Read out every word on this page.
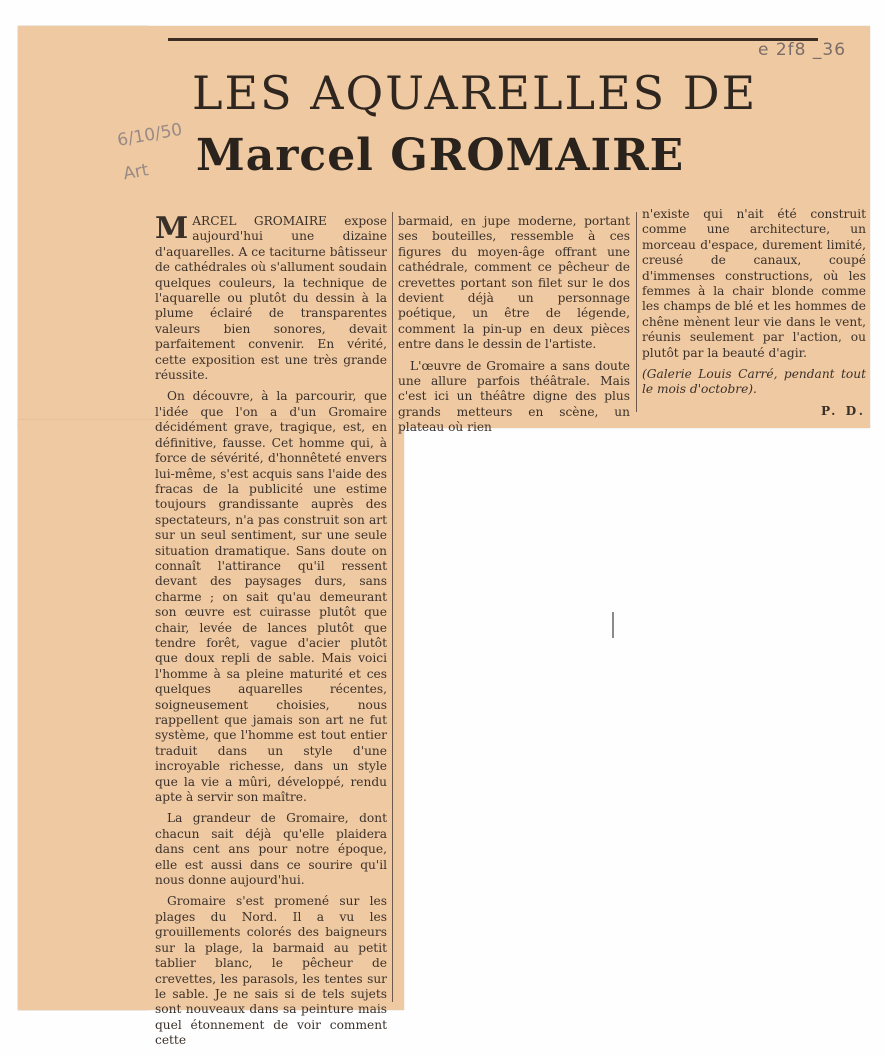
e 2f8 _36
6/10/50
Art
LES AQUARELLES DE
Marcel GROMAIRE

MARCEL GROMAIRE expose aujourd'hui une dizaine d'aquarelles. A ce taciturne bâtisseur de cathédrales où s'allument soudain quelques couleurs, la technique de l'aquarelle ou plutôt du dessin à la plume éclairé de transparentes valeurs bien sonores, devait parfaitement convenir. En vérité, cette exposition est une très grande réussite.

On découvre, à la parcourir, que l'idée que l'on a d'un Gromaire décidément grave, tragique, est, en définitive, fausse. Cet homme qui, à force de sévérité, d'honnêteté envers lui-même, s'est acquis sans l'aide des fracas de la publicité une estime toujours grandissante auprès des spectateurs, n'a pas construit son art sur un seul sentiment, sur une seule situation dramatique. Sans doute on connaît l'attirance qu'il ressent devant des paysages durs, sans charme ; on sait qu'au demeurant son œuvre est cuirasse plutôt que chair, levée de lances plutôt que tendre forêt, vague d'acier plutôt que doux repli de sable. Mais voici l'homme à sa pleine maturité et ces quelques aquarelles récentes, soigneusement choisies, nous rappellent que jamais son art ne fut système, que l'homme est tout entier traduit dans un style d'une incroyable richesse, dans un style que la vie a mûri, développé, rendu apte à servir son maître.

La grandeur de Gromaire, dont chacun sait déjà qu'elle plaidera dans cent ans pour notre époque, elle est aussi dans ce sourire qu'il nous donne aujourd'hui.

Gromaire s'est promené sur les plages du Nord. Il a vu les grouillements colorés des baigneurs sur la plage, la barmaid au petit tablier blanc, le pêcheur de crevettes, les parasols, les tentes sur le sable. Je ne sais si de tels sujets sont nouveaux dans sa peinture mais quel étonnement de voir comment cette

barmaid, en jupe moderne, portant ses bouteilles, ressemble à ces figures du moyen-âge offrant une cathédrale, comment ce pêcheur de crevettes portant son filet sur le dos devient déjà un personnage poétique, un être de légende, comment la pin-up en deux pièces entre dans le dessin de l'artiste.

L'œuvre de Gromaire a sans doute une allure parfois théâtrale. Mais c'est ici un théâtre digne des plus grands metteurs en scène, un plateau où rien

n'existe qui n'ait été construit comme une architecture, un morceau d'espace, durement limité, creusé de canaux, coupé d'immenses constructions, où les femmes à la chair blonde comme les champs de blé et les hommes de chêne mènent leur vie dans le vent, réunis seulement par l'action, ou plutôt par la beauté d'agir.

(Galerie Louis Carré, pendant tout le mois d'octobre).

P. D.
